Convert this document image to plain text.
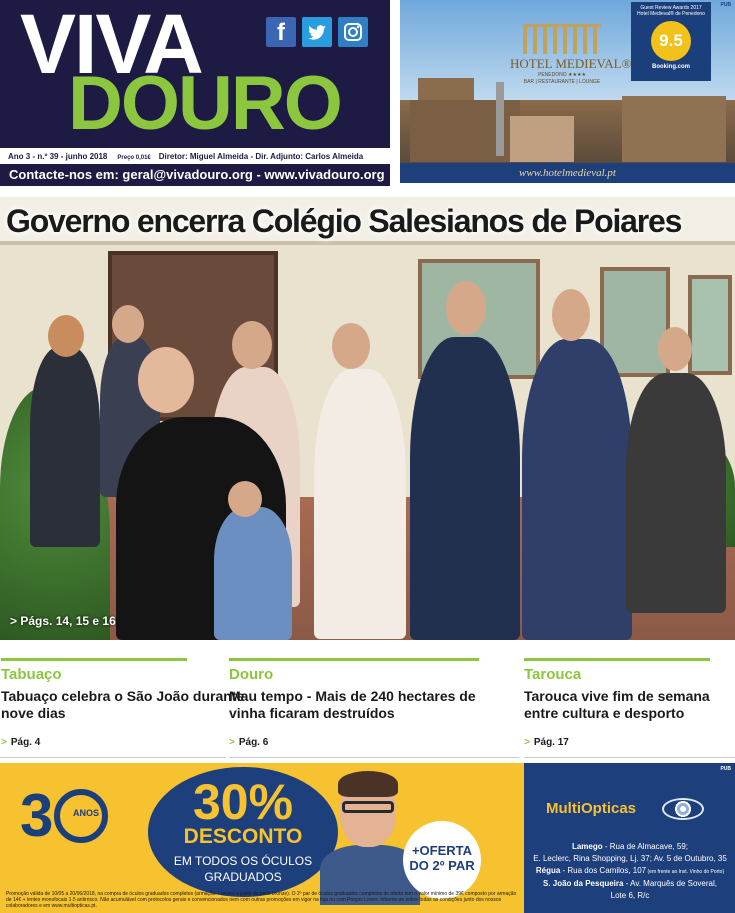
VIVA
DOURO
f
Ano 3 - n.º 39 - junho 2018 Preço 0,01€ Diretor: Miguel Almeida - Dir. Adjunto: Carlos Almeida
Contacte-nos em: geral@vivadouro.org - www.vivadouro.org
HOTEL MEDIEVAL®
PENEDONO ★★★★
BAR | RESTAURANTE | LOUNGE
Guest Review Awards 2017
Hotel Medieval® de Penedono
9.5
Booking.com
PUB
www.hotelmedieval.pt
Governo encerra Colégio Salesianos de Poiares
> Págs. 14, 15 e 16
Tabuaço
Tabuaço celebra o São João durante nove dias
> Pág. 4
Douro
Mau tempo - Mais de 240 hectares de vinha ficaram destruídos
> Pág. 6
Tarouca
Tarouca vive fim de semana entre cultura e desporto
> Pág. 17
3	ANOS	30%
DESCONTO
EM TODOS OS ÓCULOS
GRADUADOS
+OFERTA
DO 2º PAR
PUB
MultiOpticas
Lamego - Rua de Almacave, 59;
E. Leclerc, Rina Shopping, Lj. 37; Av. 5 de Outubro, 35
Régua - Rua dos Camilos, 107 (em frente ao Inst. Vinho do Porto)
S. João da Pesqueira - Av. Marquês de Soveral,
Lote 6, R/c
Promoção válida de 10/05 a 20/06/2018, na compra de óculos graduados completos (armação + lentes a partir do pack bronze). O 2º par de óculos graduados completos de oferta tem o valor mínimo de 39€ composto por armação de 14€ + lentes monofocais 1.5 antirrisco. Não acumulável com protocolos gerais e convencionados nem com outras promoções em vigor na loja ou com Preços Leves. Informe-se sobre todas as condições junto dos nossos colaboradores e em www.multiopticas.pt.
